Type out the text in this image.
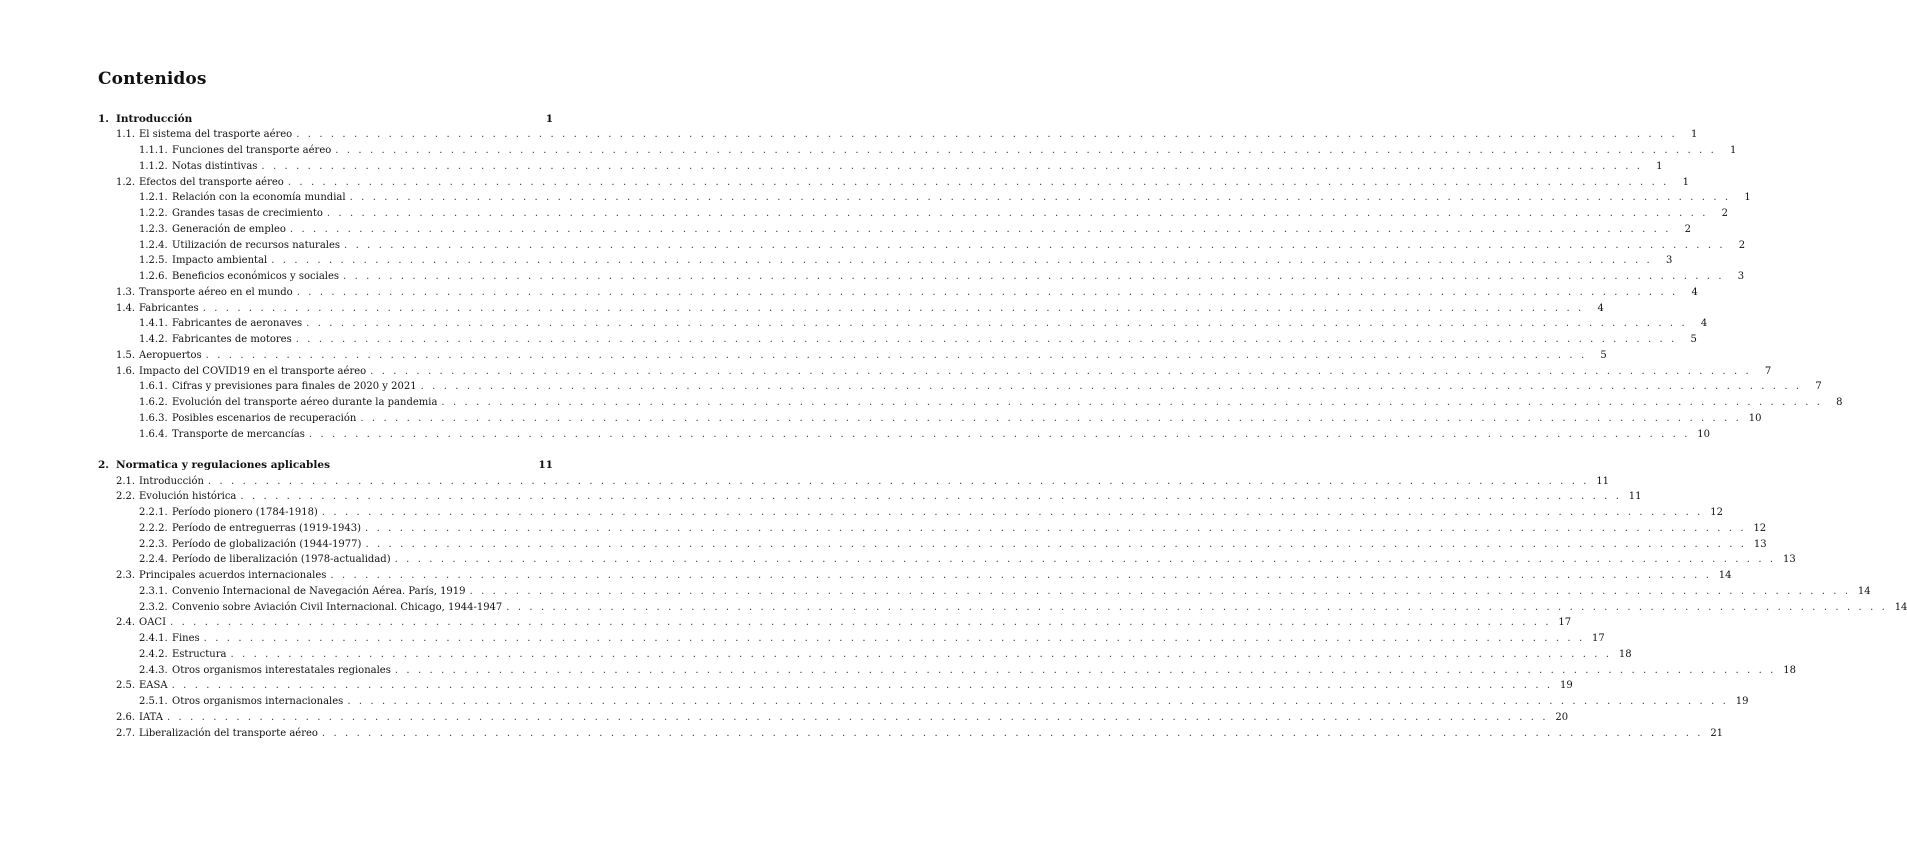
Contenidos
1. Introducción	1
1.1. El sistema del trasporte aéreo . . . . . . . . . . . . . . . . . . . . . . . . . . . . . . . . . . . . . . . . . . . . . . . . . . . . . . . . . . . . . . . . . . . . . . . . . . . . . . . . . . . . . . . . . . . . . . . . . . . . . . . . . . . . . . . . . . . . . . . .	1
1.1.1. Funciones del transporte aéreo . . . . . . . . . . . . . . . . . . . . . . . . . . . . . . . . . . . . . . . . . . . . . . . . . . . . . . . . . . . . . . . . . . . . . . . . . . . . . . . . . . . . . . . . . . . . . . . . . . . . . . . . . . . . . . . . . . . . . . . .	1
1.1.2. Notas distintivas . . . . . . . . . . . . . . . . . . . . . . . . . . . . . . . . . . . . . . . . . . . . . . . . . . . . . . . . . . . . . . . . . . . . . . . . . . . . . . . . . . . . . . . . . . . . . . . . . . . . . . . . . . . . . . . . . . . . . . . .	1
1.2. Efectos del transporte aéreo . . . . . . . . . . . . . . . . . . . . . . . . . . . . . . . . . . . . . . . . . . . . . . . . . . . . . . . . . . . . . . . . . . . . . . . . . . . . . . . . . . . . . . . . . . . . . . . . . . . . . . . . . . . . . . . . . . . . . . . .	1
1.2.1. Relación con la economía mundial . . . . . . . . . . . . . . . . . . . . . . . . . . . . . . . . . . . . . . . . . . . . . . . . . . . . . . . . . . . . . . . . . . . . . . . . . . . . . . . . . . . . . . . . . . . . . . . . . . . . . . . . . . . . . . . . . . . . . . . .	1
1.2.2. Grandes tasas de crecimiento . . . . . . . . . . . . . . . . . . . . . . . . . . . . . . . . . . . . . . . . . . . . . . . . . . . . . . . . . . . . . . . . . . . . . . . . . . . . . . . . . . . . . . . . . . . . . . . . . . . . . . . . . . . . . . . . . . . . . . . .	2
1.2.3. Generación de empleo . . . . . . . . . . . . . . . . . . . . . . . . . . . . . . . . . . . . . . . . . . . . . . . . . . . . . . . . . . . . . . . . . . . . . . . . . . . . . . . . . . . . . . . . . . . . . . . . . . . . . . . . . . . . . . . . . . . . . . . .	2
1.2.4. Utilización de recursos naturales . . . . . . . . . . . . . . . . . . . . . . . . . . . . . . . . . . . . . . . . . . . . . . . . . . . . . . . . . . . . . . . . . . . . . . . . . . . . . . . . . . . . . . . . . . . . . . . . . . . . . . . . . . . . . . . . . . . . . . . .	2
1.2.5. Impacto ambiental . . . . . . . . . . . . . . . . . . . . . . . . . . . . . . . . . . . . . . . . . . . . . . . . . . . . . . . . . . . . . . . . . . . . . . . . . . . . . . . . . . . . . . . . . . . . . . . . . . . . . . . . . . . . . . . . . . . . . . . .	3
1.2.6. Beneficios económicos y sociales . . . . . . . . . . . . . . . . . . . . . . . . . . . . . . . . . . . . . . . . . . . . . . . . . . . . . . . . . . . . . . . . . . . . . . . . . . . . . . . . . . . . . . . . . . . . . . . . . . . . . . . . . . . . . . . . . . . . . . . .	3
1.3. Transporte aéreo en el mundo . . . . . . . . . . . . . . . . . . . . . . . . . . . . . . . . . . . . . . . . . . . . . . . . . . . . . . . . . . . . . . . . . . . . . . . . . . . . . . . . . . . . . . . . . . . . . . . . . . . . . . . . . . . . . . . . . . . . . . . .	4
1.4. Fabricantes . . . . . . . . . . . . . . . . . . . . . . . . . . . . . . . . . . . . . . . . . . . . . . . . . . . . . . . . . . . . . . . . . . . . . . . . . . . . . . . . . . . . . . . . . . . . . . . . . . . . . . . . . . . . . . . . . . . . . . . .	4
1.4.1. Fabricantes de aeronaves . . . . . . . . . . . . . . . . . . . . . . . . . . . . . . . . . . . . . . . . . . . . . . . . . . . . . . . . . . . . . . . . . . . . . . . . . . . . . . . . . . . . . . . . . . . . . . . . . . . . . . . . . . . . . . . . . . . . . . . .	4
1.4.2. Fabricantes de motores . . . . . . . . . . . . . . . . . . . . . . . . . . . . . . . . . . . . . . . . . . . . . . . . . . . . . . . . . . . . . . . . . . . . . . . . . . . . . . . . . . . . . . . . . . . . . . . . . . . . . . . . . . . . . . . . . . . . . . . .	5
1.5. Aeropuertos . . . . . . . . . . . . . . . . . . . . . . . . . . . . . . . . . . . . . . . . . . . . . . . . . . . . . . . . . . . . . . . . . . . . . . . . . . . . . . . . . . . . . . . . . . . . . . . . . . . . . . . . . . . . . . . . . . . . . . . .	5
1.6. Impacto del COVID19 en el transporte aéreo . . . . . . . . . . . . . . . . . . . . . . . . . . . . . . . . . . . . . . . . . . . . . . . . . . . . . . . . . . . . . . . . . . . . . . . . . . . . . . . . . . . . . . . . . . . . . . . . . . . . . . . . . . . . . . . . . . . . . . . .	7
1.6.1. Cifras y previsiones para finales de 2020 y 2021 . . . . . . . . . . . . . . . . . . . . . . . . . . . . . . . . . . . . . . . . . . . . . . . . . . . . . . . . . . . . . . . . . . . . . . . . . . . . . . . . . . . . . . . . . . . . . . . . . . . . . . . . . . . . . . . . . . . . . . . .	7
1.6.2. Evolución del transporte aéreo durante la pandemia . . . . . . . . . . . . . . . . . . . . . . . . . . . . . . . . . . . . . . . . . . . . . . . . . . . . . . . . . . . . . . . . . . . . . . . . . . . . . . . . . . . . . . . . . . . . . . . . . . . . . . . . . . . . . . . . . . . . . . . .	8
1.6.3. Posibles escenarios de recuperación . . . . . . . . . . . . . . . . . . . . . . . . . . . . . . . . . . . . . . . . . . . . . . . . . . . . . . . . . . . . . . . . . . . . . . . . . . . . . . . . . . . . . . . . . . . . . . . . . . . . . . . . . . . . . . . . . . . . . . . . 10
1.6.4. Transporte de mercancías . . . . . . . . . . . . . . . . . . . . . . . . . . . . . . . . . . . . . . . . . . . . . . . . . . . . . . . . . . . . . . . . . . . . . . . . . . . . . . . . . . . . . . . . . . . . . . . . . . . . . . . . . . . . . . . . . . . . . . . . 10
2. Normatica y regulaciones aplicables	11
2.1. Introducción . . . . . . . . . . . . . . . . . . . . . . . . . . . . . . . . . . . . . . . . . . . . . . . . . . . . . . . . . . . . . . . . . . . . . . . . . . . . . . . . . . . . . . . . . . . . . . . . . . . . . . . . . . . . . . . . . . . . . . . . 11
2.2. Evolución histórica . . . . . . . . . . . . . . . . . . . . . . . . . . . . . . . . . . . . . . . . . . . . . . . . . . . . . . . . . . . . . . . . . . . . . . . . . . . . . . . . . . . . . . . . . . . . . . . . . . . . . . . . . . . . . . . . . . . . . . . . 11
2.2.1. Período pionero (1784-1918) . . . . . . . . . . . . . . . . . . . . . . . . . . . . . . . . . . . . . . . . . . . . . . . . . . . . . . . . . . . . . . . . . . . . . . . . . . . . . . . . . . . . . . . . . . . . . . . . . . . . . . . . . . . . . . . . . . . . . . . . 12
2.2.2. Período de entreguerras (1919-1943) . . . . . . . . . . . . . . . . . . . . . . . . . . . . . . . . . . . . . . . . . . . . . . . . . . . . . . . . . . . . . . . . . . . . . . . . . . . . . . . . . . . . . . . . . . . . . . . . . . . . . . . . . . . . . . . . . . . . . . . . 12
2.2.3. Período de globalización (1944-1977) . . . . . . . . . . . . . . . . . . . . . . . . . . . . . . . . . . . . . . . . . . . . . . . . . . . . . . . . . . . . . . . . . . . . . . . . . . . . . . . . . . . . . . . . . . . . . . . . . . . . . . . . . . . . . . . . . . . . . . . . 13
2.2.4. Período de liberalización (1978-actualidad) . . . . . . . . . . . . . . . . . . . . . . . . . . . . . . . . . . . . . . . . . . . . . . . . . . . . . . . . . . . . . . . . . . . . . . . . . . . . . . . . . . . . . . . . . . . . . . . . . . . . . . . . . . . . . . . . . . . . . . . . 13
2.3. Principales acuerdos internacionales . . . . . . . . . . . . . . . . . . . . . . . . . . . . . . . . . . . . . . . . . . . . . . . . . . . . . . . . . . . . . . . . . . . . . . . . . . . . . . . . . . . . . . . . . . . . . . . . . . . . . . . . . . . . . . . . . . . . . . . . 14
2.3.1. Convenio Internacional de Navegación Aérea. París, 1919 . . . . . . . . . . . . . . . . . . . . . . . . . . . . . . . . . . . . . . . . . . . . . . . . . . . . . . . . . . . . . . . . . . . . . . . . . . . . . . . . . . . . . . . . . . . . . . . . . . . . . . . . . . . . . . . . . . . . . . . . 14
2.3.2. Convenio sobre Aviación Civil Internacional. Chicago, 1944-1947 . . . . . . . . . . . . . . . . . . . . . . . . . . . . . . . . . . . . . . . . . . . . . . . . . . . . . . . . . . . . . . . . . . . . . . . . . . . . . . . . . . . . . . . . . . . . . . . . . . . . . . . . . . . . . . . . . . . . . . . . 14
2.4. OACI . . . . . . . . . . . . . . . . . . . . . . . . . . . . . . . . . . . . . . . . . . . . . . . . . . . . . . . . . . . . . . . . . . . . . . . . . . . . . . . . . . . . . . . . . . . . . . . . . . . . . . . . . . . . . . . . . . . . . . . . 17
2.4.1. Fines . . . . . . . . . . . . . . . . . . . . . . . . . . . . . . . . . . . . . . . . . . . . . . . . . . . . . . . . . . . . . . . . . . . . . . . . . . . . . . . . . . . . . . . . . . . . . . . . . . . . . . . . . . . . . . . . . . . . . . . . 17
2.4.2. Estructura . . . . . . . . . . . . . . . . . . . . . . . . . . . . . . . . . . . . . . . . . . . . . . . . . . . . . . . . . . . . . . . . . . . . . . . . . . . . . . . . . . . . . . . . . . . . . . . . . . . . . . . . . . . . . . . . . . . . . . . . 18
2.4.3. Otros organismos interestatales regionales . . . . . . . . . . . . . . . . . . . . . . . . . . . . . . . . . . . . . . . . . . . . . . . . . . . . . . . . . . . . . . . . . . . . . . . . . . . . . . . . . . . . . . . . . . . . . . . . . . . . . . . . . . . . . . . . . . . . . . . . 18
2.5. EASA . . . . . . . . . . . . . . . . . . . . . . . . . . . . . . . . . . . . . . . . . . . . . . . . . . . . . . . . . . . . . . . . . . . . . . . . . . . . . . . . . . . . . . . . . . . . . . . . . . . . . . . . . . . . . . . . . . . . . . . . 19
2.5.1. Otros organismos internacionales . . . . . . . . . . . . . . . . . . . . . . . . . . . . . . . . . . . . . . . . . . . . . . . . . . . . . . . . . . . . . . . . . . . . . . . . . . . . . . . . . . . . . . . . . . . . . . . . . . . . . . . . . . . . . . . . . . . . . . . . 19
2.6. IATA . . . . . . . . . . . . . . . . . . . . . . . . . . . . . . . . . . . . . . . . . . . . . . . . . . . . . . . . . . . . . . . . . . . . . . . . . . . . . . . . . . . . . . . . . . . . . . . . . . . . . . . . . . . . . . . . . . . . . . . . 20
2.7. Liberalización del transporte aéreo . . . . . . . . . . . . . . . . . . . . . . . . . . . . . . . . . . . . . . . . . . . . . . . . . . . . . . . . . . . . . . . . . . . . . . . . . . . . . . . . . . . . . . . . . . . . . . . . . . . . . . . . . . . . . . . . . . . . . . . . 21
